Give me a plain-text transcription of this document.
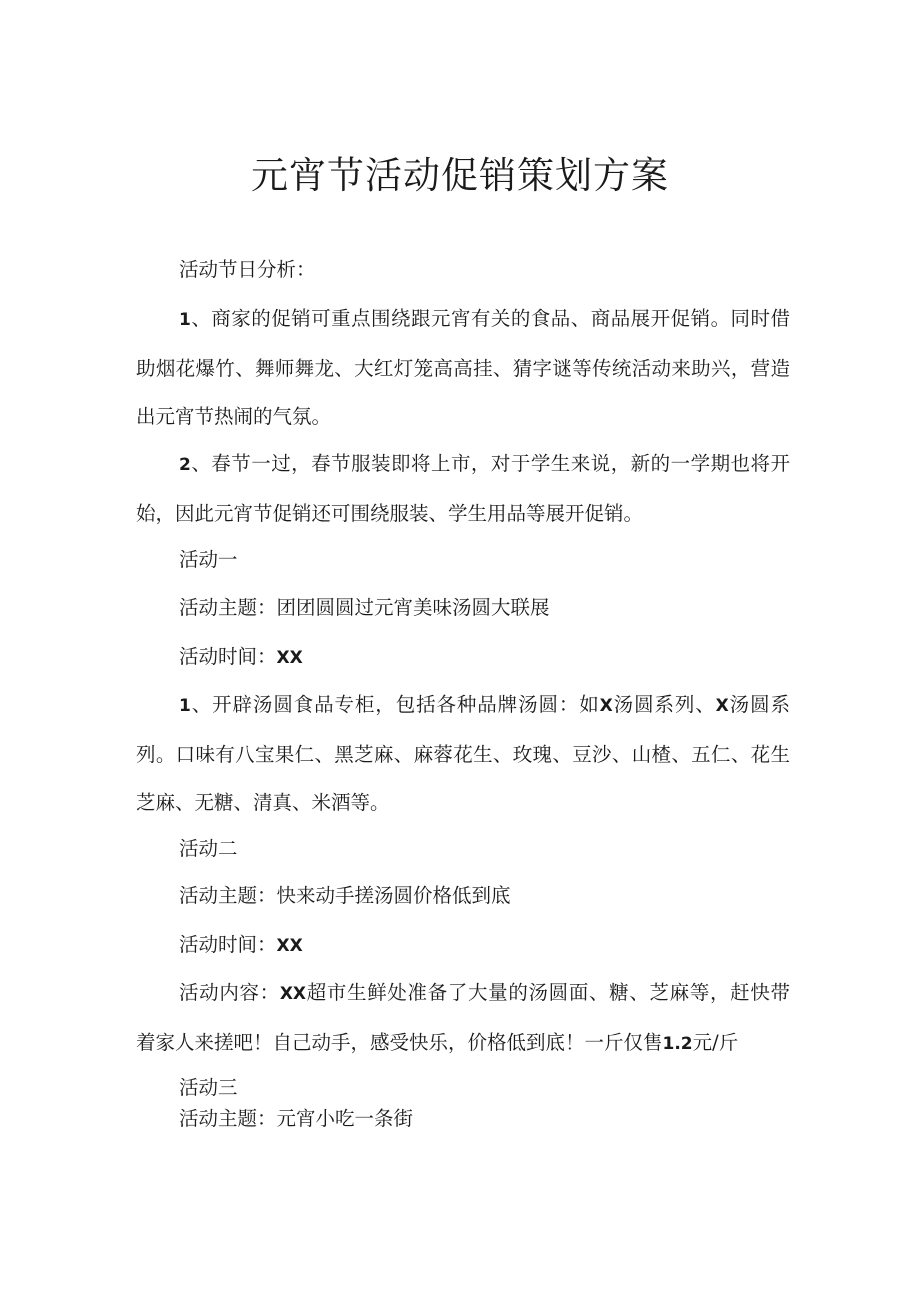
元宵节活动促销策划方案

活动节日分析：

1、商家的促销可重点围绕跟元宵有关的食品、商品展开促销。同时借助烟花爆竹、舞师舞龙、大红灯笼高高挂、猜字谜等传统活动来助兴，营造出元宵节热闹的气氛。

2、春节一过，春节服装即将上市，对于学生来说，新的一学期也将开始，因此元宵节促销还可围绕服装、学生用品等展开促销。

活动一

活动主题：团团圆圆过元宵美味汤圆大联展

活动时间：XX

1、开辟汤圆食品专柜，包括各种品牌汤圆：如X汤圆系列、X汤圆系列。口味有八宝果仁、黑芝麻、麻蓉花生、玫瑰、豆沙、山楂、五仁、花生芝麻、无糖、清真、米酒等。

活动二

活动主题：快来动手搓汤圆价格低到底

活动时间：XX

活动内容：XX超市生鲜处准备了大量的汤圆面、糖、芝麻等，赶快带着家人来搓吧！自己动手，感受快乐，价格低到底！一斤仅售1.2元/斤

活动三

活动主题：元宵小吃一条街
